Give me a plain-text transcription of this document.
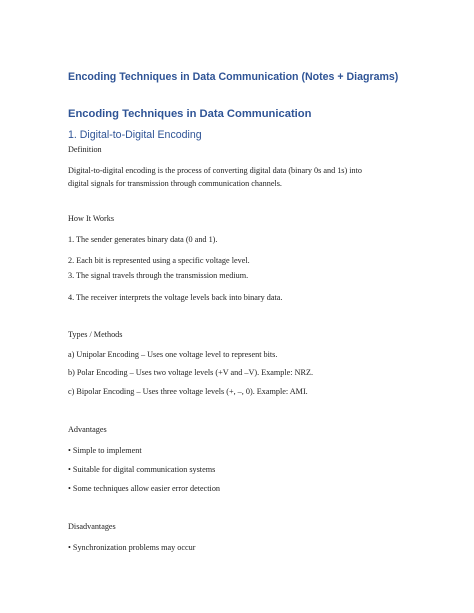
Encoding Techniques in Data Communication (Notes + Diagrams)
Encoding Techniques in Data Communication
1. Digital-to-Digital Encoding
Definition
Digital-to-digital encoding is the process of converting digital data (binary 0s and 1s) into
digital signals for transmission through communication channels.
How It Works
1. The sender generates binary data (0 and 1).
2. Each bit is represented using a specific voltage level.
3. The signal travels through the transmission medium.
4. The receiver interprets the voltage levels back into binary data.
Types / Methods
a) Unipolar Encoding – Uses one voltage level to represent bits.
b) Polar Encoding – Uses two voltage levels (+V and –V). Example: NRZ.
c) Bipolar Encoding – Uses three voltage levels (+, –, 0). Example: AMI.
Advantages
• Simple to implement
• Suitable for digital communication systems
• Some techniques allow easier error detection
Disadvantages
• Synchronization problems may occur
